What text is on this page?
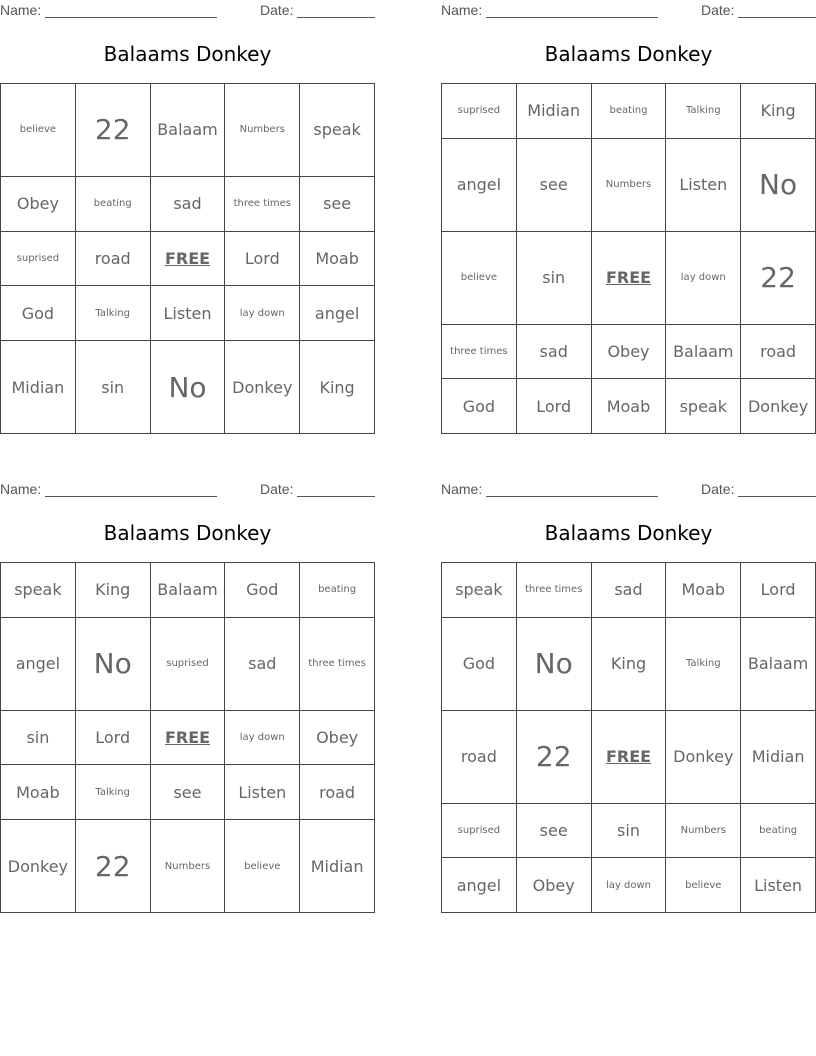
Name:	Date:
Balaams Donkey
believe	22	Balaam	Numbers	speak
Obey	beating	sad	three times	see
suprised	road	FREE	Lord	Moab
God	Talking	Listen	lay down	angel
Midian	sin	No	Donkey	King
Name:	Date:
Balaams Donkey
suprised	Midian	beating	Talking	King
angel	see	Numbers	Listen	No
believe	sin	FREE	lay down	22
three times	sad	Obey	Balaam	road
God	Lord	Moab	speak	Donkey
Name:	Date:
Balaams Donkey
speak	King	Balaam	God	beating
angel	No	suprised	sad	three times
sin	Lord	FREE	lay down	Obey
Moab	Talking	see	Listen	road
Donkey	22	Numbers	believe	Midian
Name:	Date:
Balaams Donkey
speak	three times	sad	Moab	Lord
God	No	King	Talking	Balaam
road	22	FREE	Donkey	Midian
suprised	see	sin	Numbers	beating
angel	Obey	lay down	believe	Listen
